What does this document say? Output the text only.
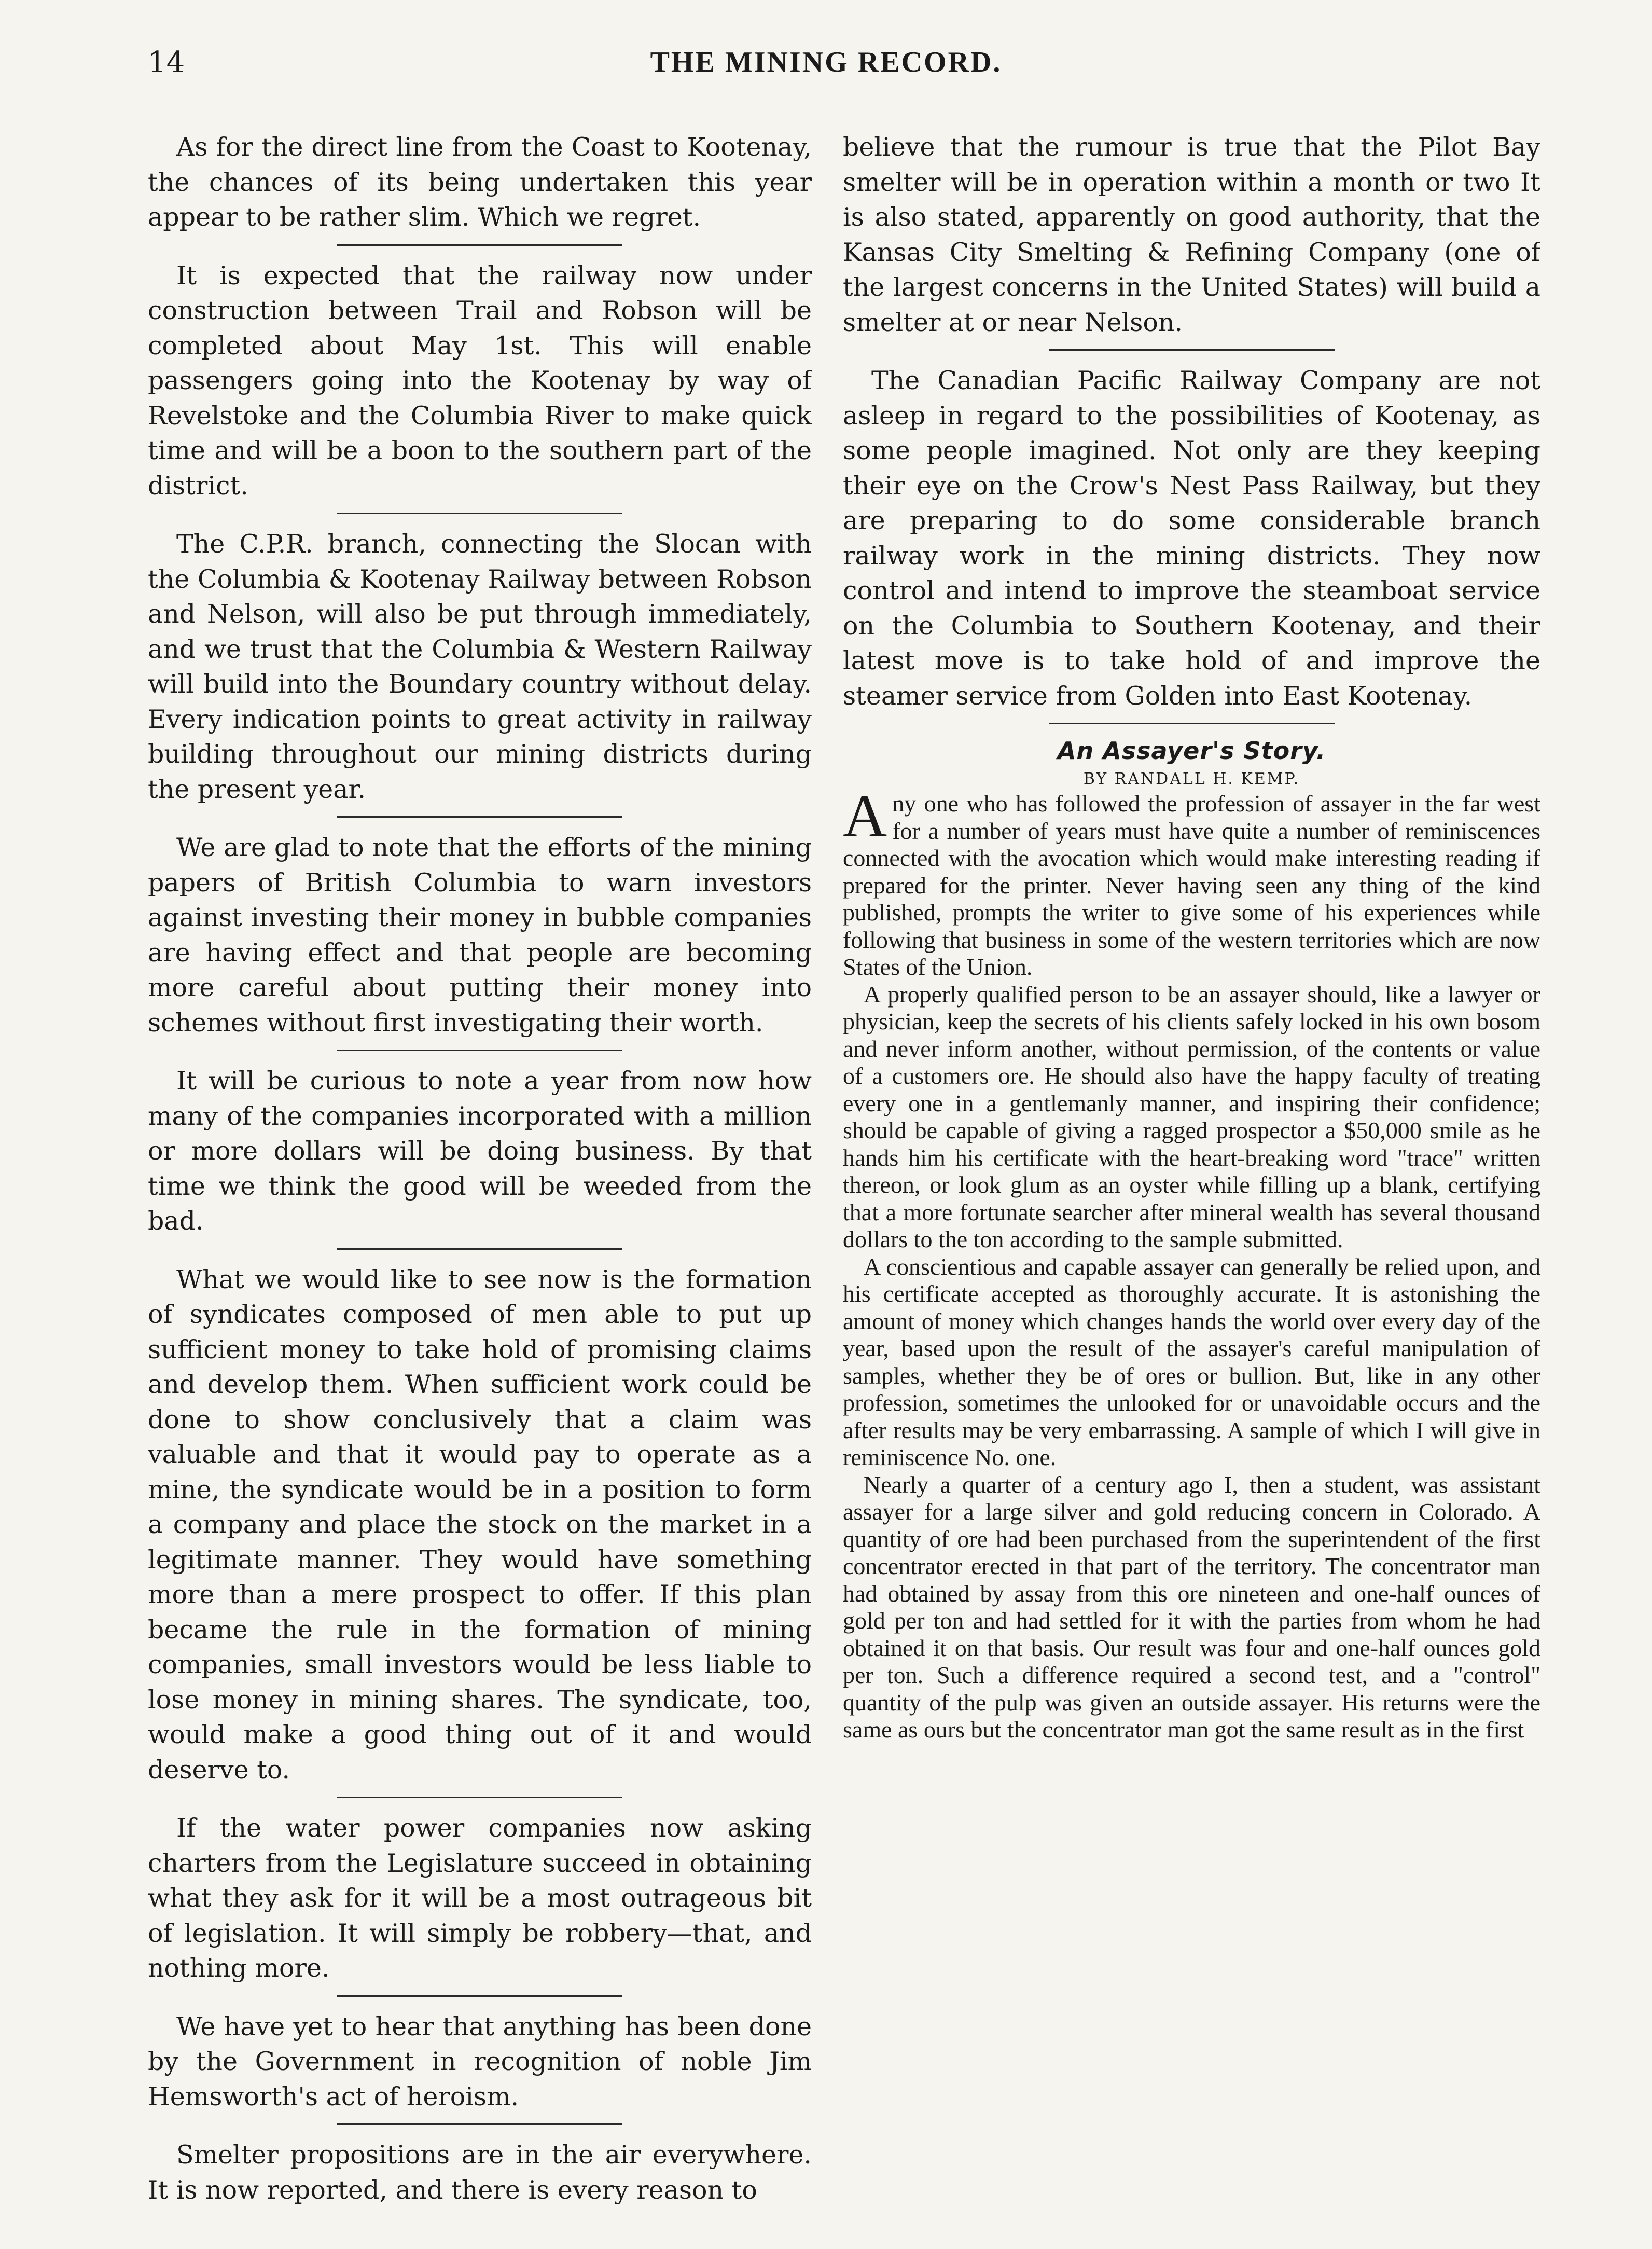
14	THE MINING RECORD.

As for the direct line from the Coast to Kootenay, the chances of its being undertaken this year appear to be rather slim. Which we regret.

It is expected that the railway now under construction between Trail and Robson will be completed about May 1st. This will enable passengers going into the Kootenay by way of Revelstoke and the Columbia River to make quick time and will be a boon to the southern part of the district.

The C.P.R. branch, connecting the Slocan with the Columbia & Kootenay Railway between Robson and Nelson, will also be put through immediately, and we trust that the Columbia & Western Railway will build into the Boundary country without delay. Every indication points to great activity in railway building throughout our mining districts during the present year.

We are glad to note that the efforts of the mining papers of British Columbia to warn investors against investing their money in bubble companies are having effect and that people are becoming more careful about putting their money into schemes without first investigating their worth.

It will be curious to note a year from now how many of the companies incorporated with a million or more dollars will be doing business. By that time we think the good will be weeded from the bad.

What we would like to see now is the formation of syndicates composed of men able to put up sufficient money to take hold of promising claims and develop them. When sufficient work could be done to show conclusively that a claim was valuable and that it would pay to operate as a mine, the syndicate would be in a position to form a company and place the stock on the market in a legitimate manner. They would have something more than a mere prospect to offer. If this plan became the rule in the formation of mining companies, small investors would be less liable to lose money in mining shares. The syndicate, too, would make a good thing out of it and would deserve to.

If the water power companies now asking charters from the Legislature succeed in obtaining what they ask for it will be a most outrageous bit of legislation. It will simply be robbery—that, and nothing more.

We have yet to hear that anything has been done by the Government in recognition of noble Jim Hemsworth's act of heroism.

Smelter propositions are in the air everywhere. It is now reported, and there is every reason to

believe that the rumour is true that the Pilot Bay smelter will be in operation within a month or two It is also stated, apparently on good authority, that the Kansas City Smelting & Refining Company (one of the largest concerns in the United States) will build a smelter at or near Nelson.

The Canadian Pacific Railway Company are not asleep in regard to the possibilities of Kootenay, as some people imagined. Not only are they keeping their eye on the Crow's Nest Pass Railway, but they are preparing to do some considerable branch railway work in the mining districts. They now control and intend to improve the steamboat service on the Columbia to Southern Kootenay, and their latest move is to take hold of and improve the steamer service from Golden into East Kootenay.

An Assayer's Story.
BY RANDALL H. KEMP.

Any one who has followed the profession of assayer in the far west for a number of years must have quite a number of reminiscences connected with the avocation which would make interesting reading if prepared for the printer. Never having seen any thing of the kind published, prompts the writer to give some of his experiences while following that business in some of the western territories which are now States of the Union.

A properly qualified person to be an assayer should, like a lawyer or physician, keep the secrets of his clients safely locked in his own bosom and never inform another, without permission, of the contents or value of a customers ore. He should also have the happy faculty of treating every one in a gentlemanly manner, and inspiring their confidence; should be capable of giving a ragged prospector a $50,000 smile as he hands him his certificate with the heart-breaking word "trace" written thereon, or look glum as an oyster while filling up a blank, certifying that a more fortunate searcher after mineral wealth has several thousand dollars to the ton according to the sample submitted.

A conscientious and capable assayer can generally be relied upon, and his certificate accepted as thoroughly accurate. It is astonishing the amount of money which changes hands the world over every day of the year, based upon the result of the assayer's careful manipulation of samples, whether they be of ores or bullion. But, like in any other profession, sometimes the unlooked for or unavoidable occurs and the after results may be very embarrassing. A sample of which I will give in reminiscence No. one.

Nearly a quarter of a century ago I, then a student, was assistant assayer for a large silver and gold reducing concern in Colorado. A quantity of ore had been purchased from the superintendent of the first concentrator erected in that part of the territory. The concentrator man had obtained by assay from this ore nineteen and one-half ounces of gold per ton and had settled for it with the parties from whom he had obtained it on that basis. Our result was four and one-half ounces gold per ton. Such a difference required a second test, and a "control" quantity of the pulp was given an outside assayer. His returns were the same as ours but the concentrator man got the same result as in the first
